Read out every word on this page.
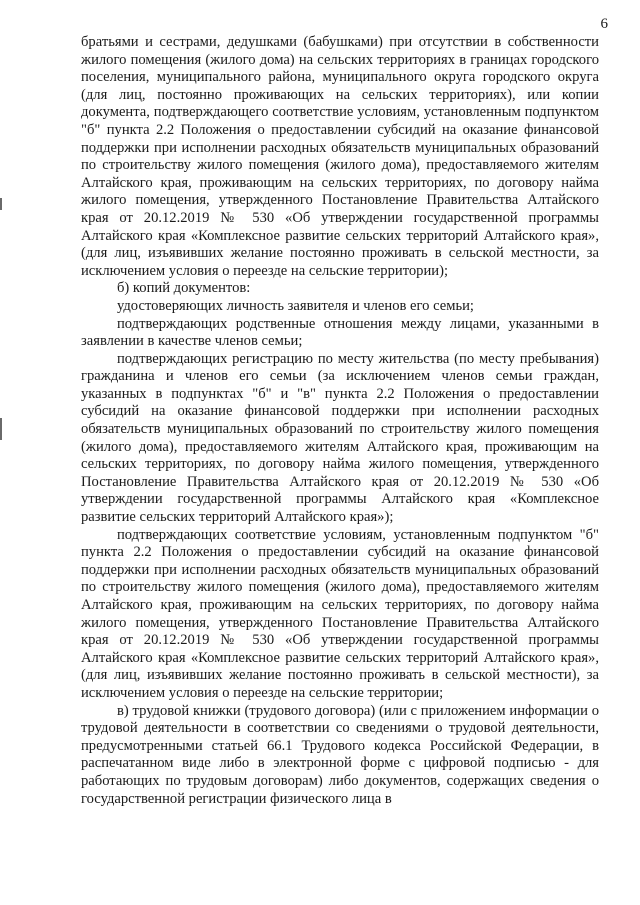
6

братьями и сестрами, дедушками (бабушками) при отсутствии в собственности жилого помещения (жилого дома) на сельских территориях в границах городского поселения, муниципального района, муниципального округа городского округа (для лиц, постоянно проживающих на сельских территориях), или копии документа, подтверждающего соответствие условиям, установленным подпунктом "б" пункта 2.2 Положения о предоставлении субсидий на оказание финансовой поддержки при исполнении расходных обязательств муниципальных образований по строительству жилого помещения (жилого дома), предоставляемого жителям Алтайского края, проживающим на сельских территориях, по договору найма жилого помещения, утвержденного Постановление Правительства Алтайского края от 20.12.2019 № 530 «Об утверждении государственной программы Алтайского края «Комплексное развитие сельских территорий Алтайского края», (для лиц, изъявивших желание постоянно проживать в сельской местности, за исключением условия о переезде на сельские территории);

б) копий документов:

удостоверяющих личность заявителя и членов его семьи;

подтверждающих родственные отношения между лицами, указанными в заявлении в качестве членов семьи;

подтверждающих регистрацию по месту жительства (по месту пребывания) гражданина и членов его семьи (за исключением членов семьи граждан, указанных в подпунктах "б" и "в" пункта 2.2 Положения о предоставлении субсидий на оказание финансовой поддержки при исполнении расходных обязательств муниципальных образований по строительству жилого помещения (жилого дома), предоставляемого жителям Алтайского края, проживающим на сельских территориях, по договору найма жилого помещения, утвержденного Постановление Правительства Алтайского края от 20.12.2019 № 530 «Об утверждении государственной программы Алтайского края «Комплексное развитие сельских территорий Алтайского края»);

подтверждающих соответствие условиям, установленным подпунктом "б" пункта 2.2 Положения о предоставлении субсидий на оказание финансовой поддержки при исполнении расходных обязательств муниципальных образований по строительству жилого помещения (жилого дома), предоставляемого жителям Алтайского края, проживающим на сельских территориях, по договору найма жилого помещения, утвержденного Постановление Правительства Алтайского края от 20.12.2019 № 530 «Об утверждении государственной программы Алтайского края «Комплексное развитие сельских территорий Алтайского края», (для лиц, изъявивших желание постоянно проживать в сельской местности), за исключением условия о переезде на сельские территории;

в) трудовой книжки (трудового договора) (или с приложением информации о трудовой деятельности в соответствии со сведениями о трудовой деятельности, предусмотренными статьей 66.1 Трудового кодекса Российской Федерации, в распечатанном виде либо в электронной форме с цифровой подписью - для работающих по трудовым договорам) либо документов, содержащих сведения о государственной регистрации физического лица в
